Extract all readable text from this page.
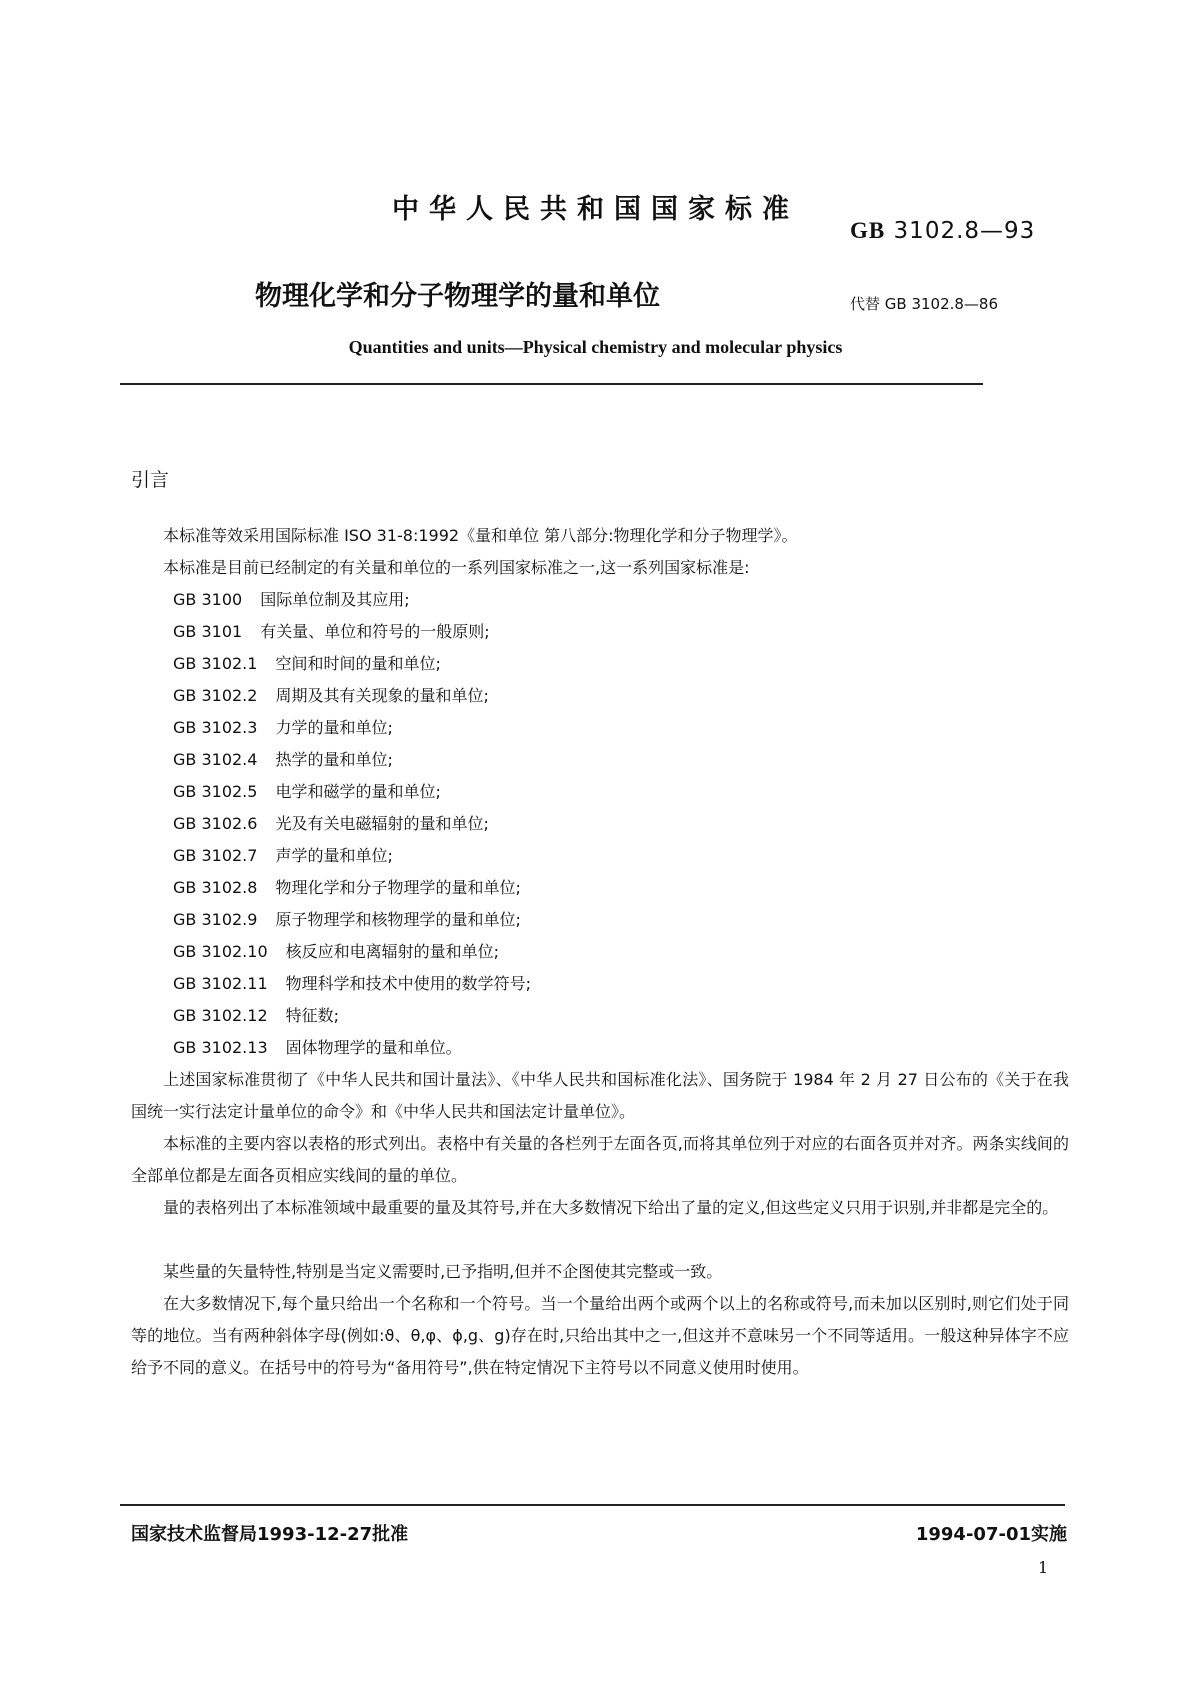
中华人民共和国国家标准
GB 3102.8—93
物理化学和分子物理学的量和单位	代替 GB 3102.8—86
Quantities and units—Physical chemistry and molecular physics
引言
本标准等效采用国际标准 ISO 31-8:1992《量和单位 第八部分:物理化学和分子物理学》。
本标准是目前已经制定的有关量和单位的一系列国家标准之一,这一系列国家标准是:
GB 3100 国际单位制及其应用;
GB 3101 有关量、单位和符号的一般原则;
GB 3102.1 空间和时间的量和单位;
GB 3102.2 周期及其有关现象的量和单位;
GB 3102.3 力学的量和单位;
GB 3102.4 热学的量和单位;
GB 3102.5 电学和磁学的量和单位;
GB 3102.6 光及有关电磁辐射的量和单位;
GB 3102.7 声学的量和单位;
GB 3102.8 物理化学和分子物理学的量和单位;
GB 3102.9 原子物理学和核物理学的量和单位;
GB 3102.10 核反应和电离辐射的量和单位;
GB 3102.11 物理科学和技术中使用的数学符号;
GB 3102.12 特征数;
GB 3102.13 固体物理学的量和单位。
上述国家标准贯彻了《中华人民共和国计量法》、《中华人民共和国标准化法》、国务院于 1984 年 2 月 27 日公布的《关于在我国统一实行法定计量单位的命令》和《中华人民共和国法定计量单位》。
本标准的主要内容以表格的形式列出。表格中有关量的各栏列于左面各页,而将其单位列于对应的右面各页并对齐。两条实线间的全部单位都是左面各页相应实线间的量的单位。
量的表格列出了本标准领域中最重要的量及其符号,并在大多数情况下给出了量的定义,但这些定义只用于识别,并非都是完全的。
某些量的矢量特性,特别是当定义需要时,已予指明,但并不企图使其完整或一致。
在大多数情况下,每个量只给出一个名称和一个符号。当一个量给出两个或两个以上的名称或符号,而未加以区别时,则它们处于同等的地位。当有两种斜体字母(例如:ϑ、θ,φ、ϕ,g、g)存在时,只给出其中之一,但这并不意味另一个不同等适用。一般这种异体字不应给予不同的意义。在括号中的符号为“备用符号”,供在特定情况下主符号以不同意义使用时使用。
国家技术监督局1993-12-27批准	1994-07-01实施
1
